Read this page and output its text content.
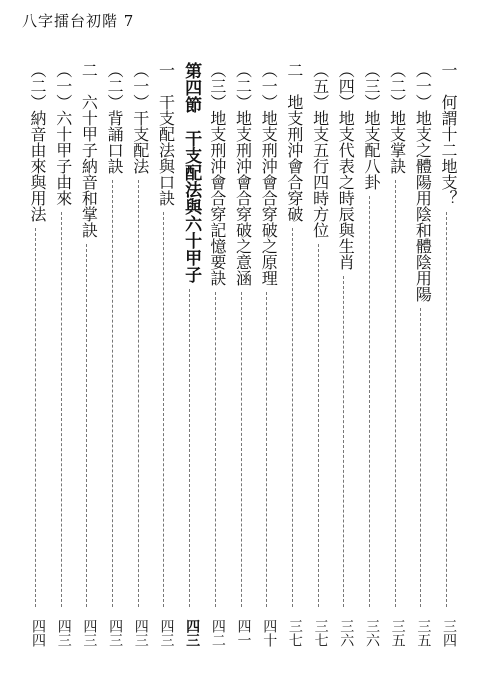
八字擂台初階 7
一　何謂十二地支？
三四
（一）地支之體陽用陰和體陰用陽
三五
（二）地支掌訣
三五
（三）地支配八卦
三六
（四）地支代表之時辰與生肖
三六
（五）地支五行四時方位
三七
二　地支刑沖會合穿破
三七
（一）地支刑沖會合穿破之原理
四十
（二）地支刑沖會合穿破之意涵
四一
（三）地支刑沖會合穿記憶要訣
四二
第四節　干支配法與六十甲子
四三
一　干支配法與口訣
四三
（一）干支配法
四三
（二）背誦口訣
四三
二　六十甲子納音和掌訣
四三
（一）六十甲子由來
四三
（二）納音由來與用法
四四
